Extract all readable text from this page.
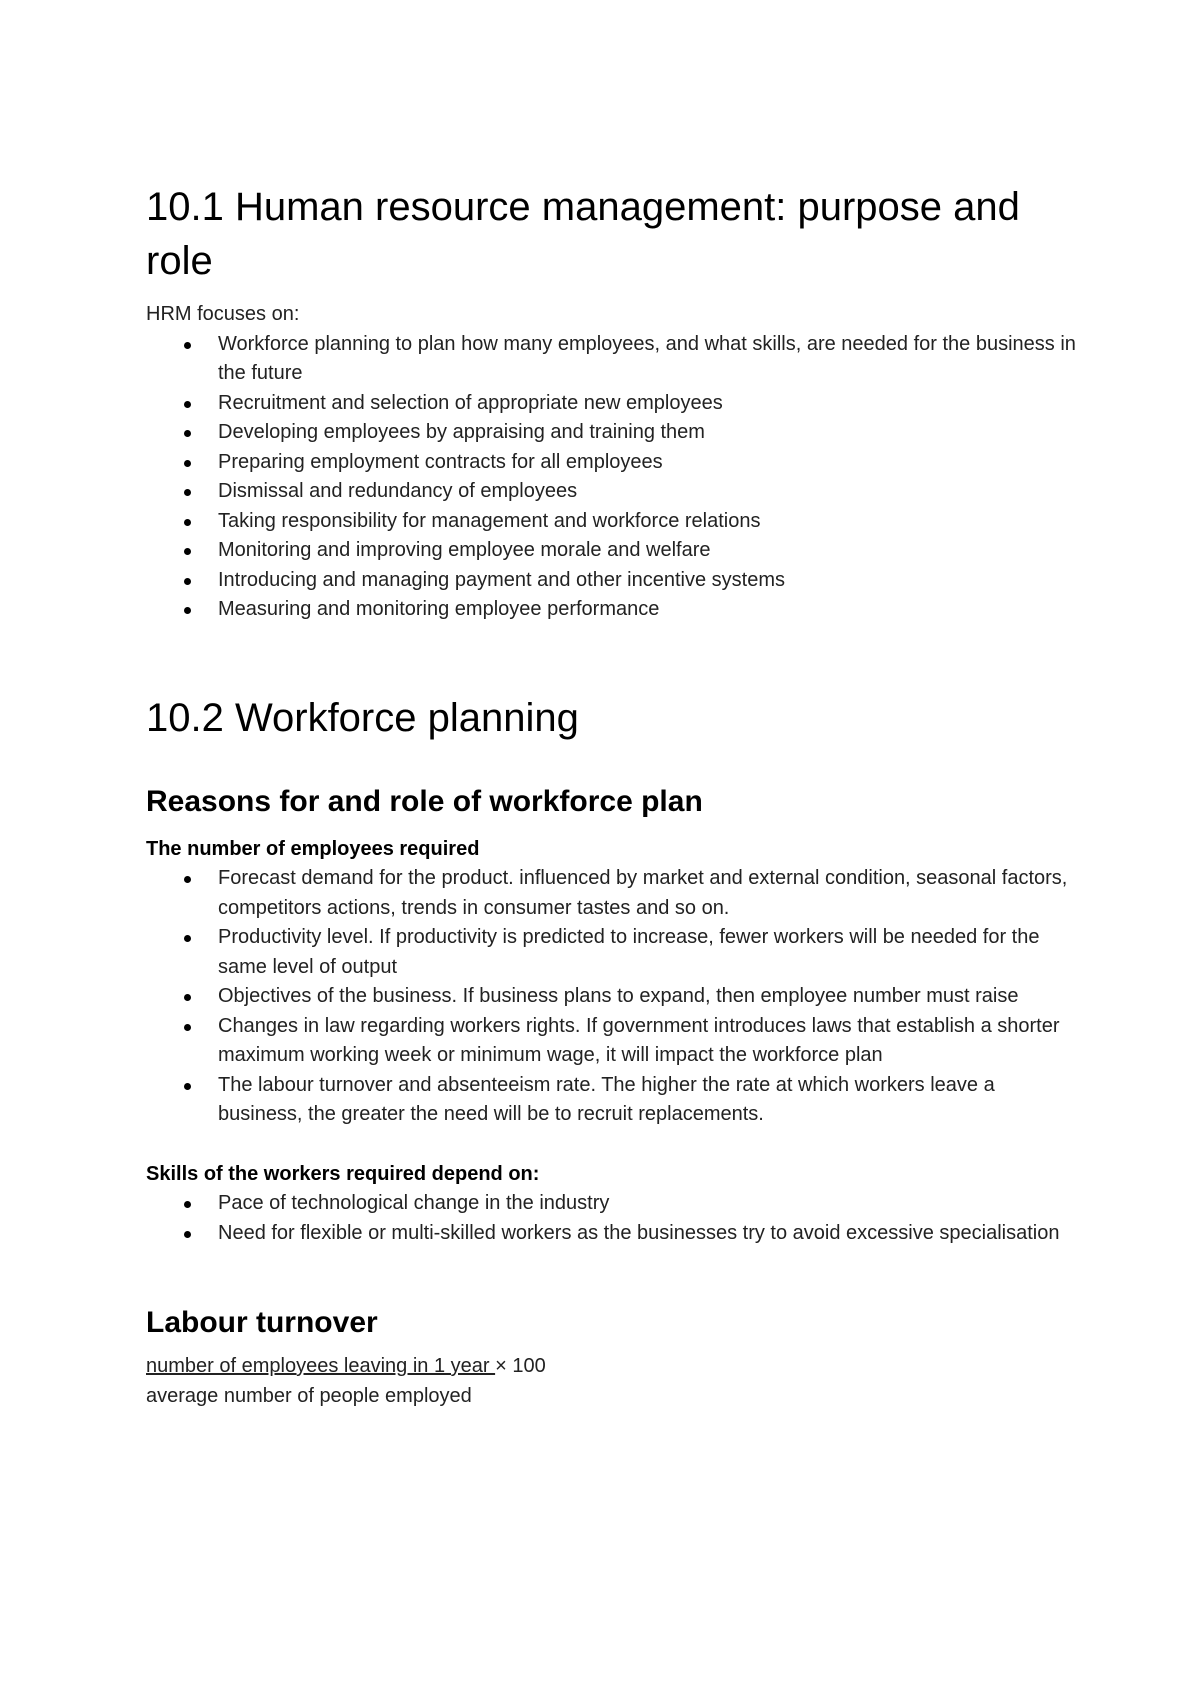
10.1 Human resource management: purpose and role

HRM focuses on:

Workforce planning to plan how many employees, and what skills, are needed for the business in the future
Recruitment and selection of appropriate new employees
Developing employees by appraising and training them
Preparing employment contracts for all employees
Dismissal and redundancy of employees
Taking responsibility for management and workforce relations
Monitoring and improving employee morale and welfare
Introducing and managing payment and other incentive systems
Measuring and monitoring employee performance
10.2 Workforce planning
Reasons for and role of workforce plan

The number of employees required

Forecast demand for the product. influenced by market and external condition, seasonal factors, competitors actions, trends in consumer tastes and so on.
Productivity level. If productivity is predicted to increase, fewer workers will be needed for the same level of output
Objectives of the business. If business plans to expand, then employee number must raise
Changes in law regarding workers rights. If government introduces laws that establish a shorter maximum working week or minimum wage, it will impact the workforce plan
The labour turnover and absenteeism rate. The higher the rate at which workers leave a business, the greater the need will be to recruit replacements.

Skills of the workers required depend on:

Pace of technological change in the industry
Need for flexible or multi-skilled workers as the businesses try to avoid excessive specialisation
Labour turnover
number of employees leaving in 1 year × 100
average number of people employed
